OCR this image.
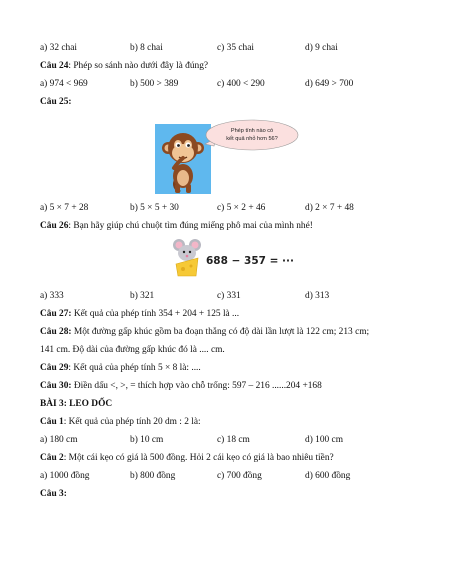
a) 32 chai	b) 8 chai	c) 35 chai	d) 9 chai
Câu 24: Phép so sánh nào dưới đây là đúng?
a) 974 < 969	b) 500 > 389	c) 400 < 290	d) 649 > 700
Câu 25:
Phép tính nào có
kết quả nhỏ hơn 56?
a) 5 × 7 + 28	b) 5 × 5 + 30	c) 5 × 2 + 46	d) 2 × 7 + 48
Câu 26: Bạn hãy giúp chú chuột tìm đúng miếng phô mai của mình nhé!
688 − 357 = ···
a) 333	b) 321	c) 331	d) 313
Câu 27: Kết quả của phép tính 354 + 204 + 125 là ...
Câu 28: Một đường gấp khúc gồm ba đoạn thẳng có độ dài lần lượt là 122 cm; 213 cm;
141 cm. Độ dài của đường gấp khúc đó là .... cm.
Câu 29: Kết quả của phép tính 5 × 8 là: ....
Câu 30: Điền dấu <, >, = thích hợp vào chỗ trống: 597 – 216 ......204 +168
BÀI 3: LEO DỐC
Câu 1: Kết quả của phép tính 20 dm : 2 là:
a) 180 cm	b) 10 cm	c) 18 cm	d) 100 cm
Câu 2: Một cái kẹo có giá là 500 đồng. Hỏi 2 cái kẹo có giá là bao nhiêu tiền?
a) 1000 đồng	b) 800 đồng	c) 700 đồng	d) 600 đồng
Câu 3:
